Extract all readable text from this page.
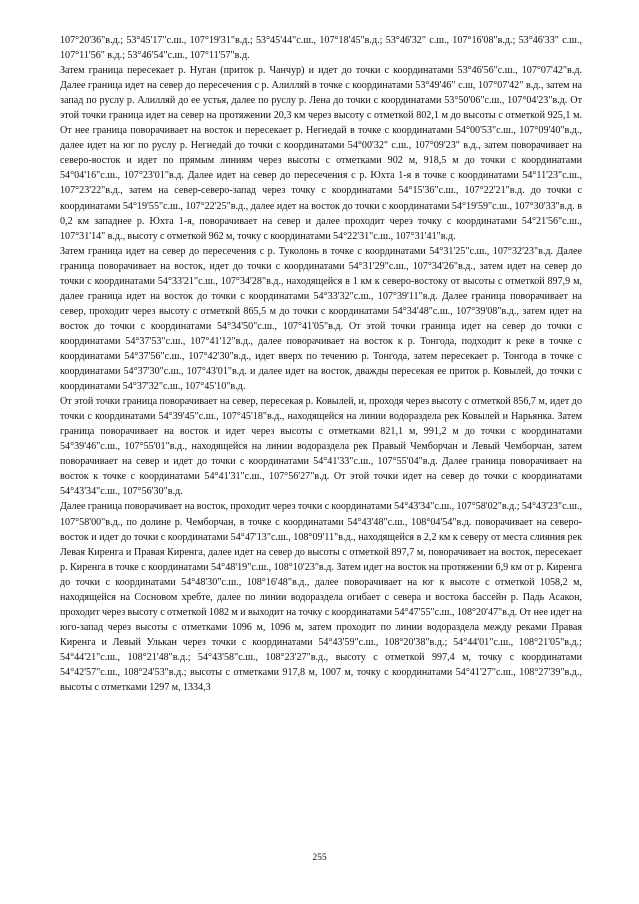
107°20'36"в.д.; 53°45'17"с.ш., 107°19'31"в.д.; 53°45'44"с.ш., 107°18'45"в.д.; 53°46'32" с.ш., 107°16'08"в.д.; 53°46'33" с.ш., 107°11'56" в.д.; 53°46'54"с.ш., 107°11'57"в.д.

Затем граница пересекает р. Нуган (приток р. Чанчур) и идет до точки с координатами 53°46'56"с.ш., 107°07'42"в.д. Далее граница идет на север до пересечения с р. Алилляй в точке с координатами 53°49'46" с.ш, 107°07'42" в.д., затем на запад по руслу р. Алилляй до ее устья, далее по руслу р. Лена до точки с координатами 53°50'06"с.ш., 107°04'23"в.д. От этой точки граница идет на север на протяжении 20,3 км через высоту с отметкой 802,1 м до высоты с отметкой 925,1 м. От нее граница поворачивает на восток и пересекает р. Негнедай в точке с координатами 54°00'53"с.ш., 107°09'40"в.д., далее идет на юг по руслу р. Негнедай до точки с координатами 54°00'32" с.ш., 107°09'23" в.д., затем поворачивает на северо-восток и идет по прямым линиям через высоты с отметками 902 м, 918,5 м до точки с координатами 54°04'16"с.ш., 107°23'01"в.д. Далее идет на север до пересечения с р. Юхта 1-я в точке с координатами 54°11'23"с.ш., 107°23'22"в.д., затем на север-северо-запад через точку с координатами 54°15'36"с.ш., 107°22'21"в.д. до точки с координатами 54°19'55"с.ш., 107°22'25"в.д., далее идет на восток до точки с координатами 54°19'59"с.ш., 107°30'33"в.д. в 0,2 км западнее р. Юхта 1-я, поворачивает на север и далее проходит через точку с координатами 54°21'56"с.ш., 107°31'14" в.д., высоту с отметкой 962 м, точку с координатами 54°22'31"с.ш., 107°31'41"в.д.

Затем граница идет на север до пересечения с р. Туколонь в точке с координатами 54°31'25"с.ш., 107°32'23"в.д. Далее граница поворачивает на восток, идет до точки с координатами 54°31'29"с.ш., 107°34'26"в.д., затем идет на север до точки с координатами 54°33'21"с.ш., 107°34'28"в.д., находящейся в 1 км к северо-востоку от высоты с отметкой 897,9 м, далее граница идет на восток до точки с координатами 54°33'32"с.ш., 107°39'11"в.д. Далее граница поворачивает на север, проходит через высоту с отметкой 865,5 м до точки с координатами 54°34'48"с.ш., 107°39'08"в.д., затем идет на восток до точки с координатами 54°34'50"с.ш., 107°41'05"в.д. От этой точки граница идет на север до точки с координатами 54°37'53"с.ш., 107°41'12"в.д., далее поворачивает на восток к р. Тонгода, подходит к реке в точке с координатами 54°37'56"с.ш., 107°42'30"в.д., идет вверх по течению р. Тонгода, затем пересекает р. Тонгода в точке с координатами 54°37'30"с.ш., 107°43'01"в.д. и далее идет на восток, дважды пересекая ее приток р. Ковылей, до точки с координатами 54°37'32"с.ш., 107°45'10"в.д.

От этой точки граница поворачивает на север, пересекая р. Ковылей, и, проходя через высоту с отметкой 856,7 м, идет до точки с координатами 54°39'45"с.ш., 107°45'18"в.д., находящейся на линии водораздела рек Ковылей и Нарьянка. Затем граница поворачивает на восток и идет через высоты с отметками 821,1 м, 991,2 м до точки с координатами 54°39'46"с.ш., 107°55'01"в.д., находящейся на линии водораздела рек Правый Чемборчан и Левый Чемборчан, затем поворачивает на север и идет до точки с координатами 54°41'33"с.ш., 107°55'04"в.д. Далее граница поворачивает на восток к точке с координатами 54°41'31"с.ш., 107°56'27"в.д. От этой точки идет на север до точки с координатами 54°43'34"с.ш., 107°56'30"в.д.

Далее граница поворачивает на восток, проходит через точки с координатами 54°43'34"с.ш., 107°58'02"в.д.; 54°43'23"с.ш., 107°58'00"в.д., по долине р. Чемборчан, в точке с координатами 54°43'48"с.ш., 108°04'54"в.д. поворачивает на северо-восток и идет до точки с координатами 54°47'13"с.ш., 108°09'11"в.д., находящейся в 2,2 км к северу от места слияния рек Левая Киренга и Правая Киренга, далее идет на север до высоты с отметкой 897,7 м, поворачивает на восток, пересекает р. Киренга в точке с координатами 54°48'19"с.ш., 108°10'23"в.д. Затем идет на восток на протяжении 6,9 км от р. Киренга до точки с координатами 54°48'30"с.ш., 108°16'48"в.д., далее поворачивает на юг к высоте с отметкой 1058,2 м, находящейся на Сосновом хребте, далее по линии водораздела огибает с севера и востока бассейн р. Падь Асакон, проходит через высоту с отметкой 1082 м и выходит на точку с координатами 54°47'55"с.ш., 108°20'47"в.д. От нее идет на юго-запад через высоты с отметками 1096 м, 1096 м, затем проходит по линии водораздела между реками Правая Киренга и Левый Улькан через точки с координатами 54°43'59"с.ш., 108°20'38"в.д.; 54°44'01"с.ш., 108°21'05"в.д.; 54°44'21"с.ш., 108°21'48"в.д.; 54°43'58"с.ш., 108°23'27"в.д., высоту с отметкой 997,4 м, точку с координатами 54°42'57"с.ш., 108°24'53"в.д.; высоты с отметками 917,8 м, 1007 м, точку с координатами 54°41'27"с.ш., 108°27'39"в.д., высоты с отметками 1297 м, 1334,3

255
